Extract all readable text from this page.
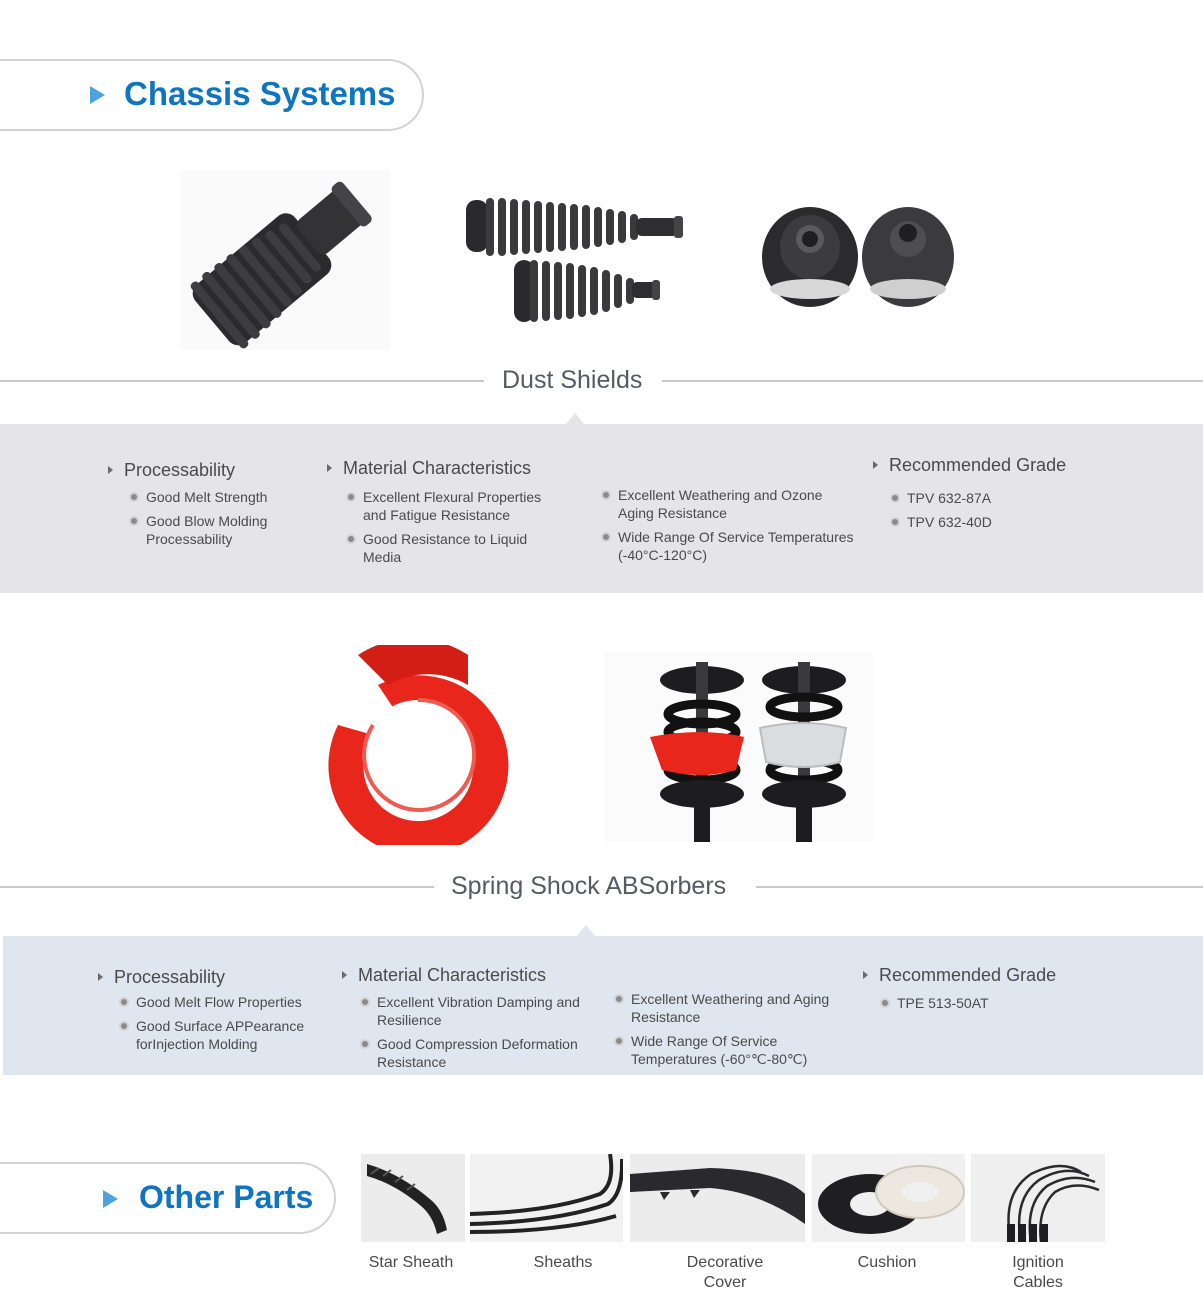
Chassis Systems
Dust Shields
Processability
Good Melt Strength
Good Blow Molding Processability
Material Characteristics
Excellent Flexural Properties and Fatigue Resistance
Good Resistance to Liquid Media
Excellent Weathering and Ozone Aging Resistance
Wide Range Of Service Temperatures (-40°C-120°C)
Recommended Grade
TPV 632-87A
TPV 632-40D
Spring Shock ABSorbers
Processability
Good Melt Flow Properties
Good Surface APPearance forInjection Molding
Material Characteristics
Excellent Vibration Damping and Resilience
Good Compression Deformation Resistance
Excellent Weathering and Aging Resistance
Wide Range Of Service Temperatures (-60°℃-80℃)
Recommended Grade
TPE 513-50AT
Other Parts
Star Sheath	Sheaths	Decorative Cover
Cushion	Ignition Cables
